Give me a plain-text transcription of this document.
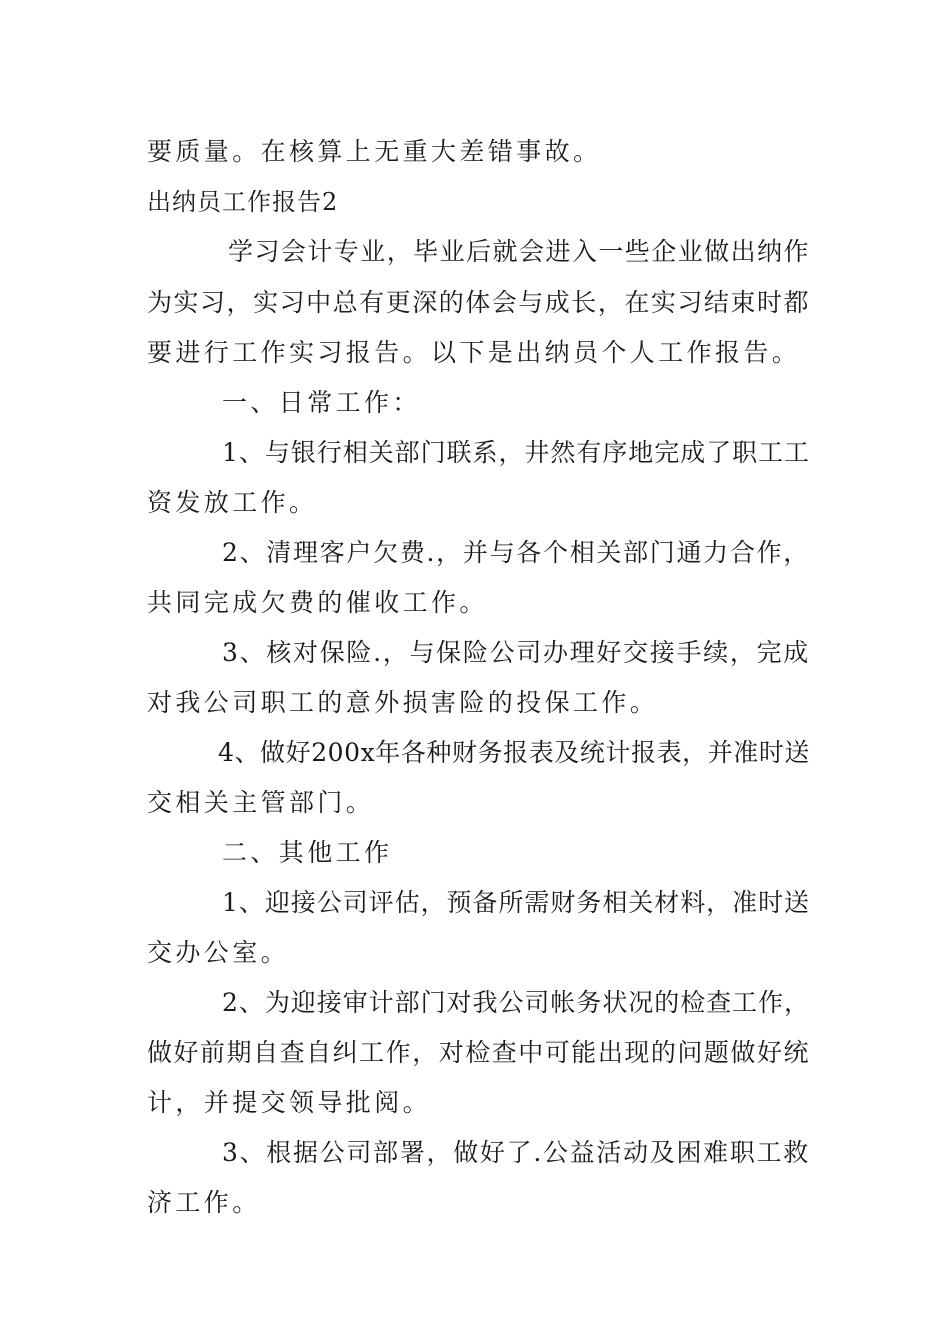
要质量。在核算上无重大差错事故。
出纳员工作报告2
学习会计专业，毕业后就会进入一些企业做出纳作
为实习，实习中总有更深的体会与成长，在实习结束时都
要进行工作实习报告。以下是出纳员个人工作报告。
一、日常工作：
1、与银行相关部门联系，井然有序地完成了职工工
资发放工作。
2、清理客户欠费.，并与各个相关部门通力合作，
共同完成欠费的催收工作。
3、核对保险.，与保险公司办理好交接手续，完成
对我公司职工的意外损害险的投保工作。
4、做好200x年各种财务报表及统计报表，并准时送
交相关主管部门。
二、其他工作
1、迎接公司评估，预备所需财务相关材料，准时送
交办公室。
2、为迎接审计部门对我公司帐务状况的检查工作，
做好前期自查自纠工作，对检查中可能出现的问题做好统
计，并提交领导批阅。
3、根据公司部署，做好了.公益活动及困难职工救
济工作。
